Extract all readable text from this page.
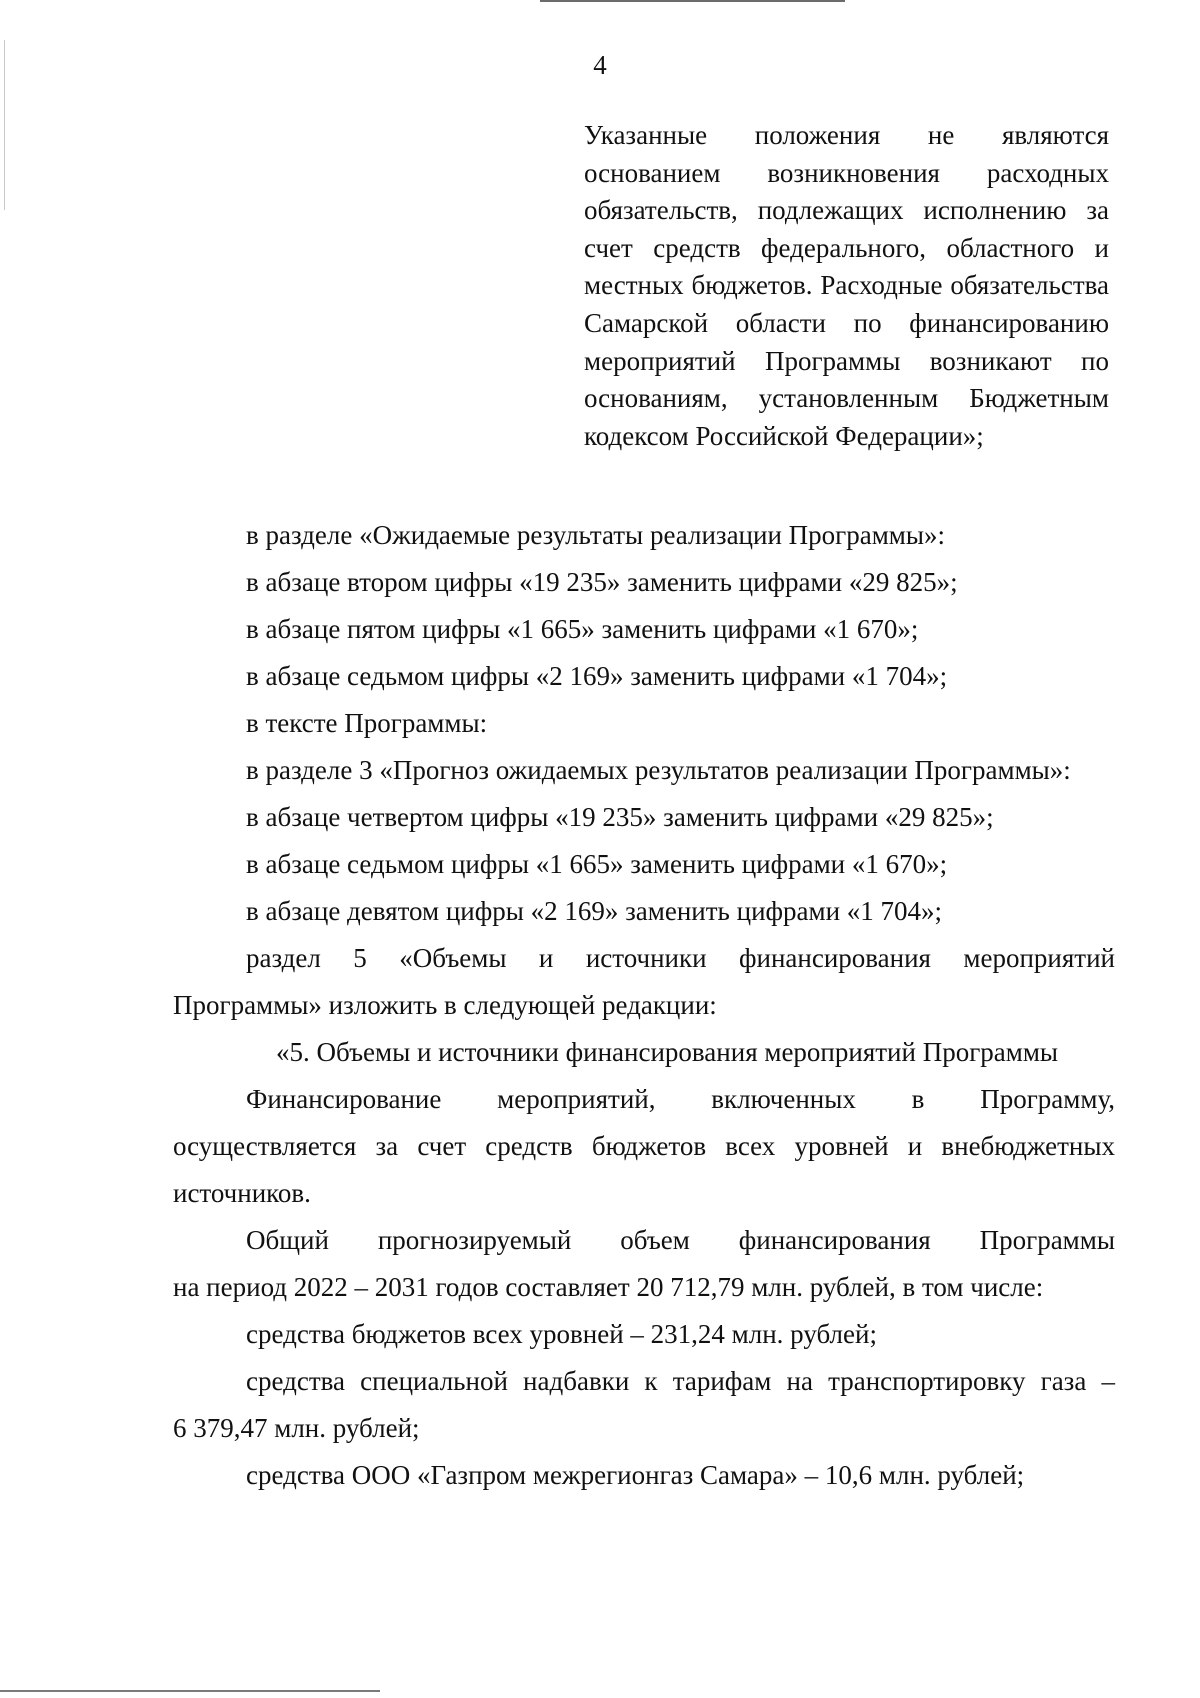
4
Указанные положения не являются основанием возникновения расходных обязательств, подлежащих исполнению за счет средств федерального, областного и местных бюджетов. Расходные обязательства Самарской области по финансированию мероприятий Программы возникают по основаниям, установленным Бюджетным кодексом Российской Федерации»;
в разделе «Ожидаемые результаты реализации Программы»:
в абзаце втором цифры «19 235» заменить цифрами «29 825»;
в абзаце пятом цифры «1 665» заменить цифрами «1 670»;
в абзаце седьмом цифры «2 169» заменить цифрами «1 704»;
в тексте Программы:
в разделе 3 «Прогноз ожидаемых результатов реализации Программы»:
в абзаце четвертом цифры «19 235» заменить цифрами «29 825»;
в абзаце седьмом цифры «1 665» заменить цифрами «1 670»;
в абзаце девятом цифры «2 169» заменить цифрами «1 704»;
раздел 5 «Объемы и источники финансирования мероприятий
Программы» изложить в следующей редакции:
«5. Объемы и источники финансирования мероприятий Программы
Финансирование мероприятий, включенных в Программу,
осуществляется за счет средств бюджетов всех уровней и внебюджетных
источников.
Общий прогнозируемый объем финансирования Программы
на период 2022 – 2031 годов составляет 20 712,79 млн. рублей, в том числе:
средства бюджетов всех уровней – 231,24 млн. рублей;
средства специальной надбавки к тарифам на транспортировку газа –
6 379,47 млн. рублей;
средства ООО «Газпром межрегионгаз Самара» – 10,6 млн. рублей;
